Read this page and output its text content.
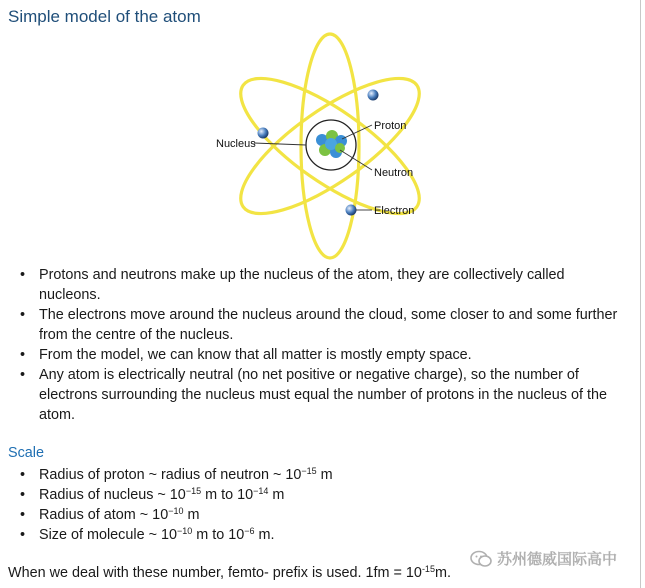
Simple model of the atom
Nucleus
Proton
Neutron
Electron
• Protons and neutrons make up the nucleus of the atom, they are collectively called nucleons.
• The electrons move around the nucleus around the cloud, some closer to and some further from the centre of the nucleus.
• From the model, we can know that all matter is mostly empty space.
• Any atom is electrically neutral (no net positive or negative charge), so the number of electrons surrounding the nucleus must equal the number of protons in the nucleus of the atom.
Scale
• Radius of proton ~ radius of neutron ~ $10^{-15}$ m
• Radius of nucleus ~ $10^{-15}$ m to $10^{-14}$ m
• Radius of atom ~ $10^{-10}$ m
• Size of molecule ~ $10^{-10}$ m to $10^{-6}$ m.
When we deal with these number, femto- prefix is used. $1fm = 10^{-15}m$.
苏州德威国际高中
